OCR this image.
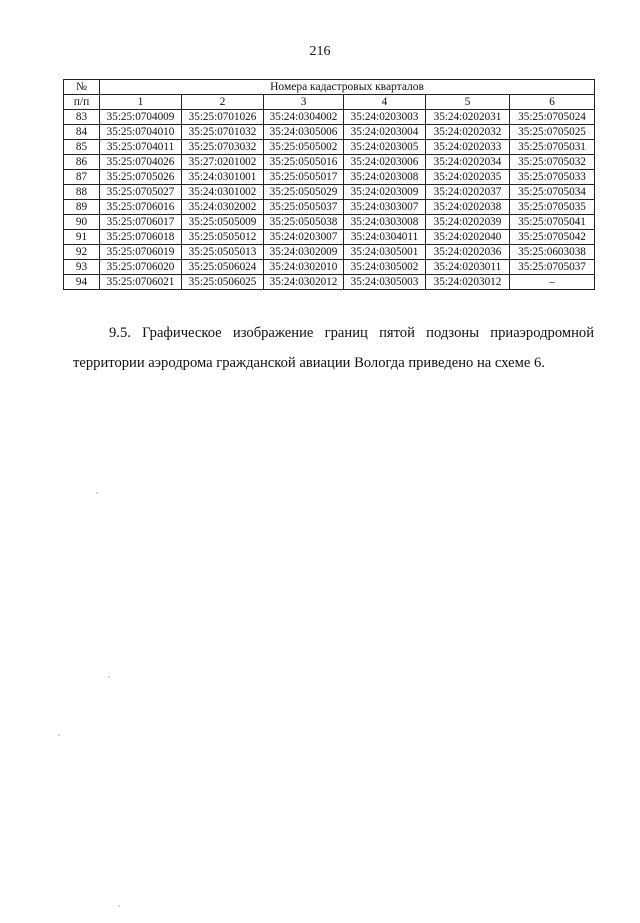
216
№	Номера кадастровых кварталов					
п/п	1	2	3	4	5	6
83	35:25:0704009	35:25:0701026	35:24:0304002	35:24:0203003	35:24:0202031	35:25:0705024
84	35:25:0704010	35:25:0701032	35:24:0305006	35:24:0203004	35:24:0202032	35:25:0705025
85	35:25:0704011	35:25:0703032	35:25:0505002	35:24:0203005	35:24:0202033	35:25:0705031
86	35:25:0704026	35:27:0201002	35:25:0505016	35:24:0203006	35:24:0202034	35:25:0705032
87	35:25:0705026	35:24:0301001	35:25:0505017	35:24:0203008	35:24:0202035	35:25:0705033
88	35:25:0705027	35:24:0301002	35:25:0505029	35:24:0203009	35:24:0202037	35:25:0705034
89	35:25:0706016	35:24:0302002	35:25:0505037	35:24:0303007	35:24:0202038	35:25:0705035
90	35:25:0706017	35:25:0505009	35:25:0505038	35:24:0303008	35:24:0202039	35:25:0705041
91	35:25:0706018	35:25:0505012	35:24:0203007	35:24:0304011	35:24:0202040	35:25:0705042
92	35:25:0706019	35:25:0505013	35:24:0302009	35:24:0305001	35:24:0202036	35:25:0603038
93	35:25:0706020	35:25:0506024	35:24:0302010	35:24:0305002	35:24:0203011	35:25:0705037
94	35:25:0706021	35:25:0506025	35:24:0302012	35:24:0305003	35:24:0203012	–

9.5. Графическое изображение границ пятой подзоны приаэродромной территории аэродрома гражданской авиации Вологда приведено на схеме 6.
